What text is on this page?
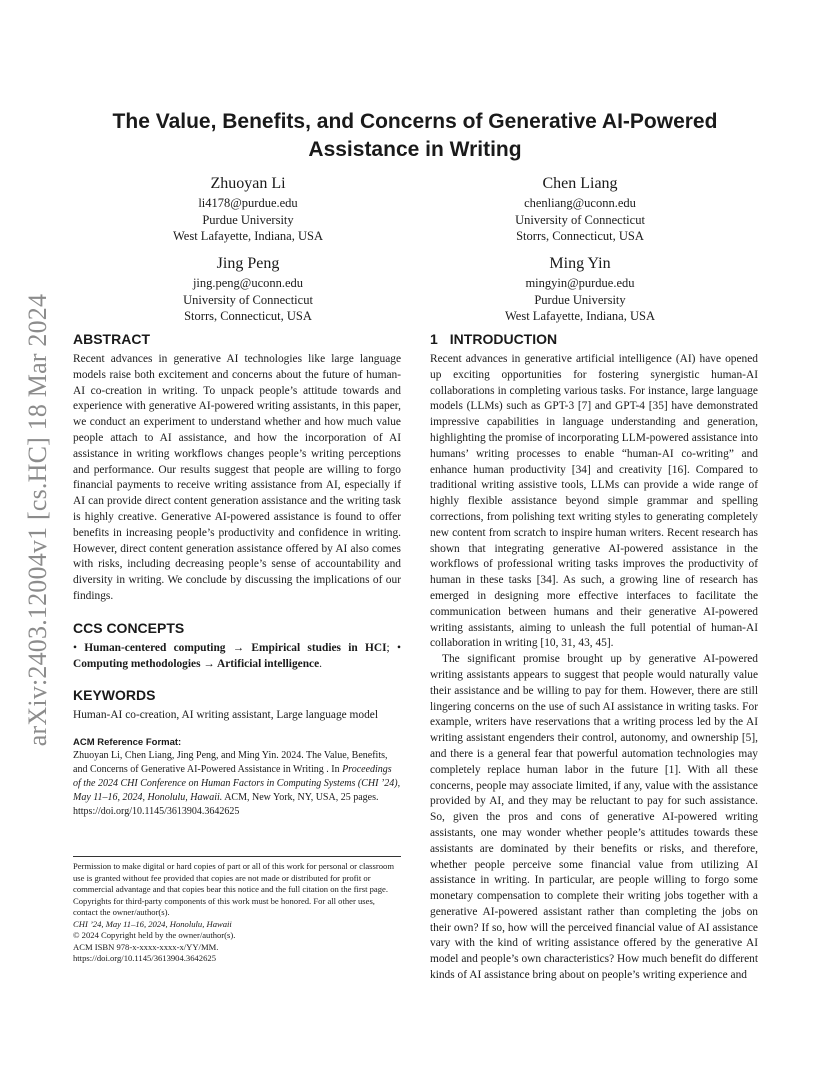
arXiv:2403.12004v1 [cs.HC] 18 Mar 2024
The Value, Benefits, and Concerns of Generative AI-Powered
Assistance in Writing
Zhuoyan Li
li4178@purdue.edu
Purdue University
West Lafayette, Indiana, USA
Chen Liang
chenliang@uconn.edu
University of Connecticut
Storrs, Connecticut, USA
Jing Peng
jing.peng@uconn.edu
University of Connecticut
Storrs, Connecticut, USA
Ming Yin
mingyin@purdue.edu
Purdue University
West Lafayette, Indiana, USA
ABSTRACT

Recent advances in generative AI technologies like large language models raise both excitement and concerns about the future of human-AI co-creation in writing. To unpack people’s attitude towards and experience with generative AI-powered writing assistants, in this paper, we conduct an experiment to understand whether and how much value people attach to AI assistance, and how the incorporation of AI assistance in writing workflows changes people’s writing perceptions and performance. Our results suggest that people are willing to forgo financial payments to receive writing assistance from AI, especially if AI can provide direct content generation assistance and the writing task is highly creative. Generative AI-powered assistance is found to offer benefits in increasing people’s productivity and confidence in writing. However, direct content generation assistance offered by AI also comes with risks, including decreasing people’s sense of accountability and diversity in writing. We conclude by discussing the implications of our findings.

CCS CONCEPTS

• Human-centered computing → Empirical studies in HCI; • Computing methodologies → Artificial intelligence.

KEYWORDS

Human-AI co-creation, AI writing assistant, Large language model

ACM Reference Format:

Zhuoyan Li, Chen Liang, Jing Peng, and Ming Yin. 2024. The Value, Benefits, and Concerns of Generative AI-Powered Assistance in Writing . In Proceedings of the 2024 CHI Conference on Human Factors in Computing Systems (CHI ’24), May 11–16, 2024, Honolulu, Hawaii. ACM, New York, NY, USA, 25 pages. https://doi.org/10.1145/3613904.3642625

Permission to make digital or hard copies of part or all of this work for personal or classroom use is granted without fee provided that copies are not made or distributed for profit or commercial advantage and that copies bear this notice and the full citation on the first page. Copyrights for third-party components of this work must be honored. For all other uses, contact the owner/author(s).

CHI ’24, May 11–16, 2024, Honolulu, Hawaii

© 2024 Copyright held by the owner/author(s).

ACM ISBN 978-x-xxxx-xxxx-x/YY/MM.

https://doi.org/10.1145/3613904.3642625

1 INTRODUCTION

Recent advances in generative artificial intelligence (AI) have opened up exciting opportunities for fostering synergistic human-AI collaborations in completing various tasks. For instance, large language models (LLMs) such as GPT-3 [7] and GPT-4 [35] have demonstrated impressive capabilities in language understanding and generation, highlighting the promise of incorporating LLM-powered assistance into humans’ writing processes to enable “human-AI co-writing” and enhance human productivity [34] and creativity [16]. Compared to traditional writing assistive tools, LLMs can provide a wide range of highly flexible assistance beyond simple grammar and spelling corrections, from polishing text writing styles to generating completely new content from scratch to inspire human writers. Recent research has shown that integrating generative AI-powered assistance in the workflows of professional writing tasks improves the productivity of human in these tasks [34]. As such, a growing line of research has emerged in designing more effective interfaces to facilitate the communication between humans and their generative AI-powered writing assistants, aiming to unleash the full potential of human-AI collaboration in writing [10, 31, 43, 45].

The significant promise brought up by generative AI-powered writing assistants appears to suggest that people would naturally value their assistance and be willing to pay for them. However, there are still lingering concerns on the use of such AI assistance in writing tasks. For example, writers have reservations that a writing process led by the AI writing assistant engenders their control, autonomy, and ownership [5], and there is a general fear that powerful automation technologies may completely replace human labor in the future [1]. With all these concerns, people may associate limited, if any, value with the assistance provided by AI, and they may be reluctant to pay for such assistance. So, given the pros and cons of generative AI-powered writing assistants, one may wonder whether people’s attitudes towards these assistants are dominated by their benefits or risks, and therefore, whether people perceive some financial value from utilizing AI assistance in writing. In particular, are people willing to forgo some monetary compensation to complete their writing jobs together with a generative AI-powered assistant rather than completing the jobs on their own? If so, how will the perceived financial value of AI assistance vary with the kind of writing assistance offered by the generative AI model and people’s own characteristics? How much benefit do different kinds of AI assistance bring about on people’s writing experience and
